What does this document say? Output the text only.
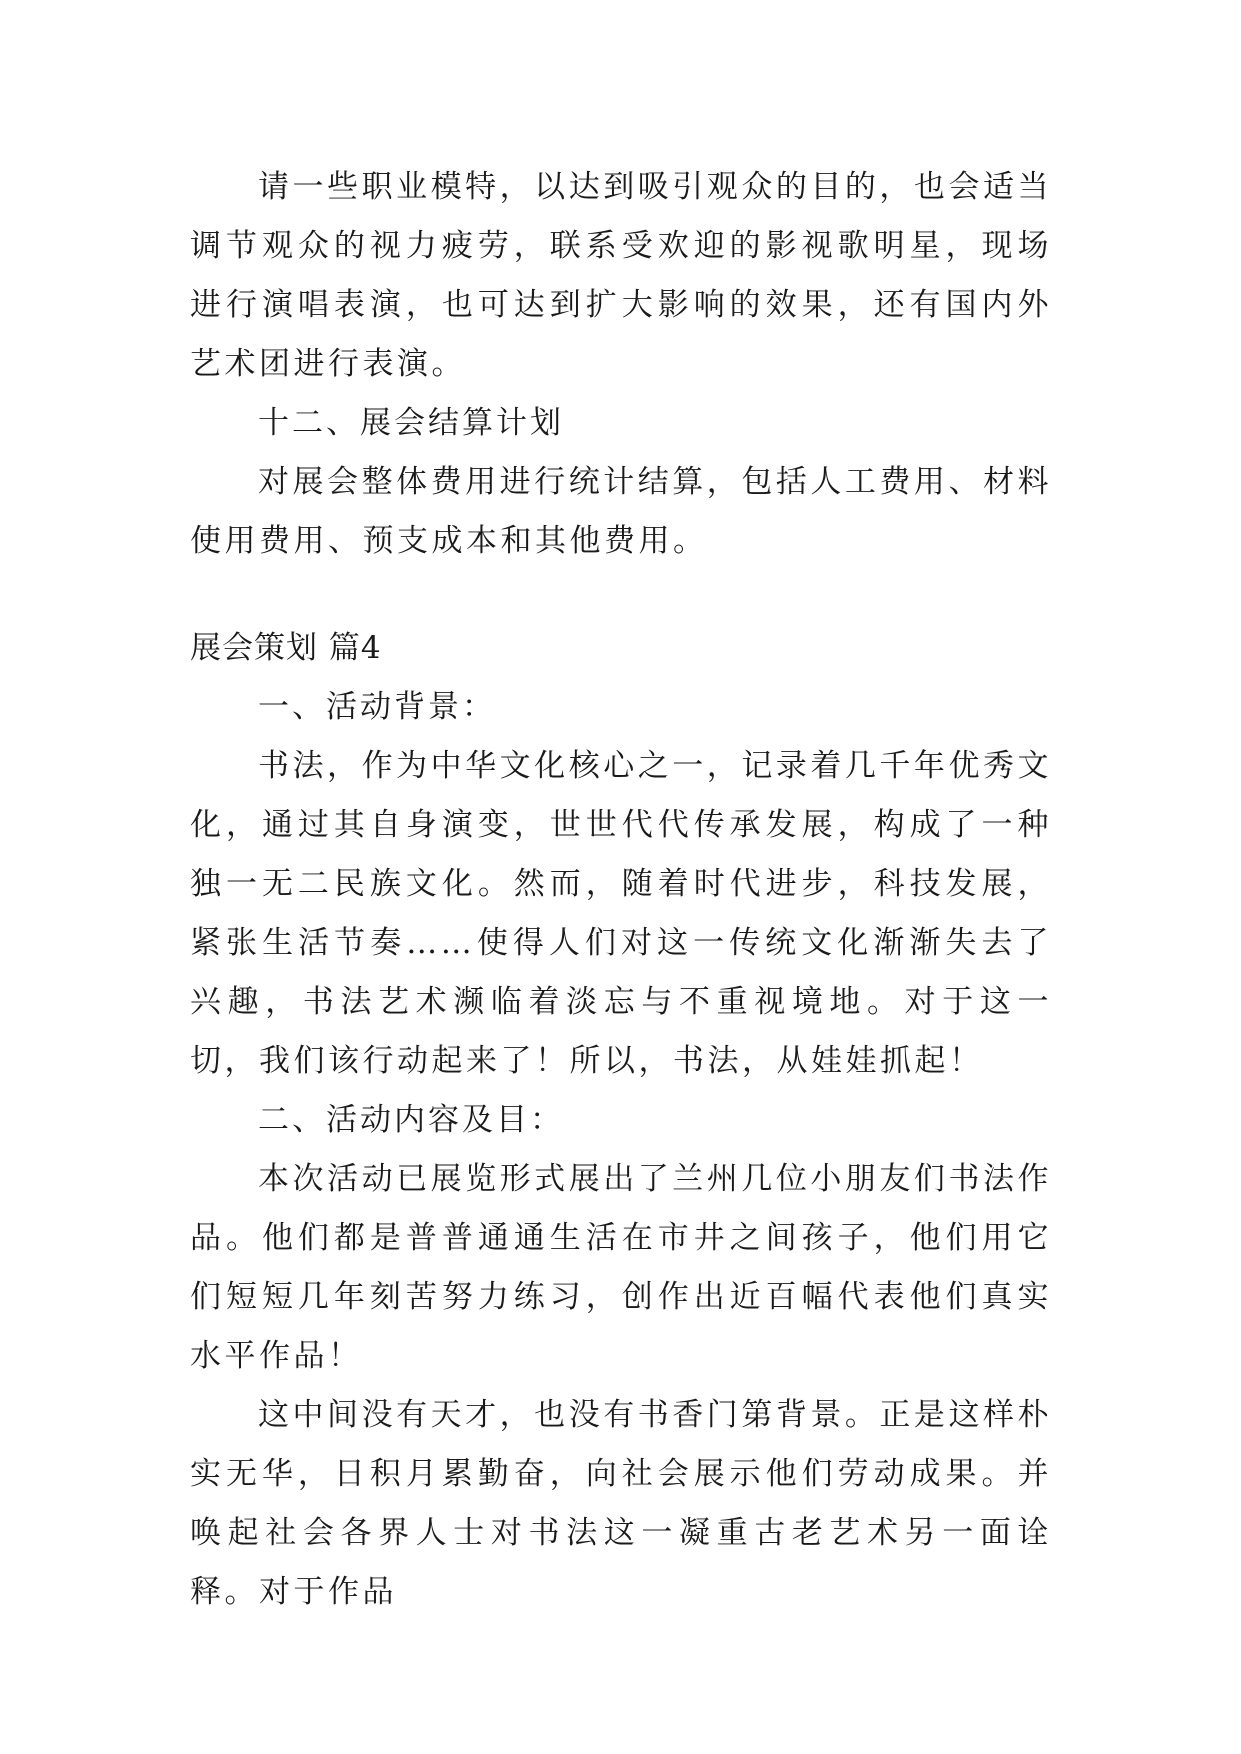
请一些职业模特，以达到吸引观众的目的，也会适当调节观众的视力疲劳，联系受欢迎的影视歌明星，现场进行演唱表演，也可达到扩大影响的效果，还有国内外艺术团进行表演。

十二、展会结算计划

对展会整体费用进行统计结算，包括人工费用、材料使用费用、预支成本和其他费用。

展会策划 篇4

一、活动背景：

书法，作为中华文化核心之一，记录着几千年优秀文化，通过其自身演变，世世代代传承发展，构成了一种独一无二民族文化。然而，随着时代进步，科技发展，紧张生活节奏……使得人们对这一传统文化渐渐失去了兴趣，书法艺术濒临着淡忘与不重视境地。对于这一切，我们该行动起来了！所以，书法，从娃娃抓起！

二、活动内容及目：

本次活动已展览形式展出了兰州几位小朋友们书法作品。他们都是普普通通生活在市井之间孩子，他们用它们短短几年刻苦努力练习，创作出近百幅代表他们真实水平作品！

这中间没有天才，也没有书香门第背景。正是这样朴实无华，日积月累勤奋，向社会展示他们劳动成果。并唤起社会各界人士对书法这一凝重古老艺术另一面诠释。对于作品
